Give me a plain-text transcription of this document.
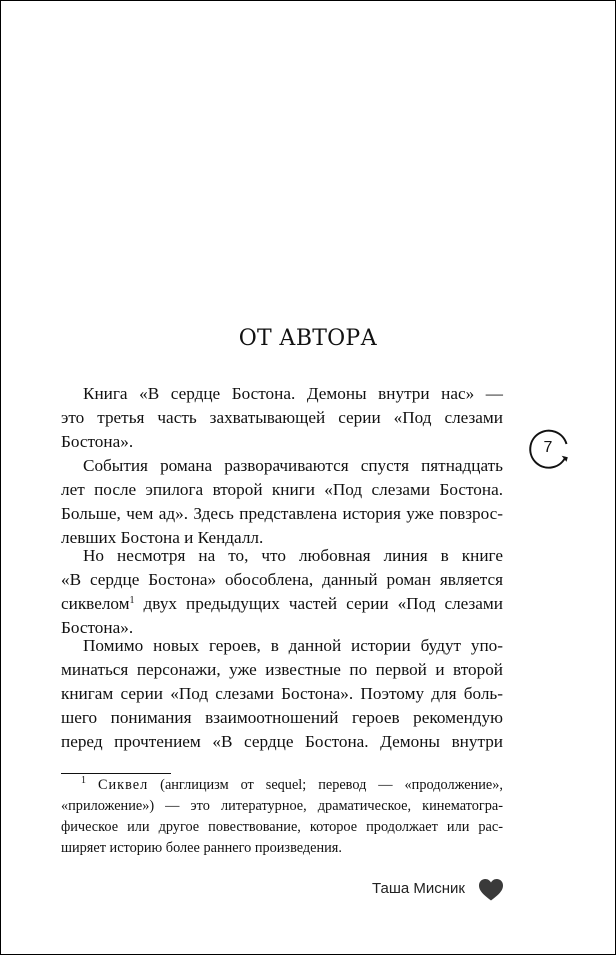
ОТ АВТОРА
Книга «В сердце Бостона. Демоны внутри нас» —
это третья часть захватывающей серии «Под слезами
Бостона».
События романа разворачиваются спустя пятнадцать
лет после эпилога второй книги «Под слезами Бостона.
Больше, чем ад». Здесь представлена история уже повзрос-
левших Бостона и Кендалл.
Но несмотря на то, что любовная линия в книге
«В сердце Бостона» обособлена, данный роман является
сиквелом$^1$ двух предыдущих частей серии «Под слезами
Бостона».
Помимо новых героев, в данной истории будут упо-
минаться персонажи, уже известные по первой и второй
книгам серии «Под слезами Бостона». Поэтому для боль-
шего понимания взаимоотношений героев рекомендую
перед прочтением «В сердце Бостона. Демоны внутри
$^1$ Сиквел (англицизм от sequel; перевод — «продолжение»,
«приложение») — это литературное, драматическое, кинематогра-
фическое или другое повествование, которое продолжает или рас-
ширяет историю более раннего произведения.
7
Таша Мисник
